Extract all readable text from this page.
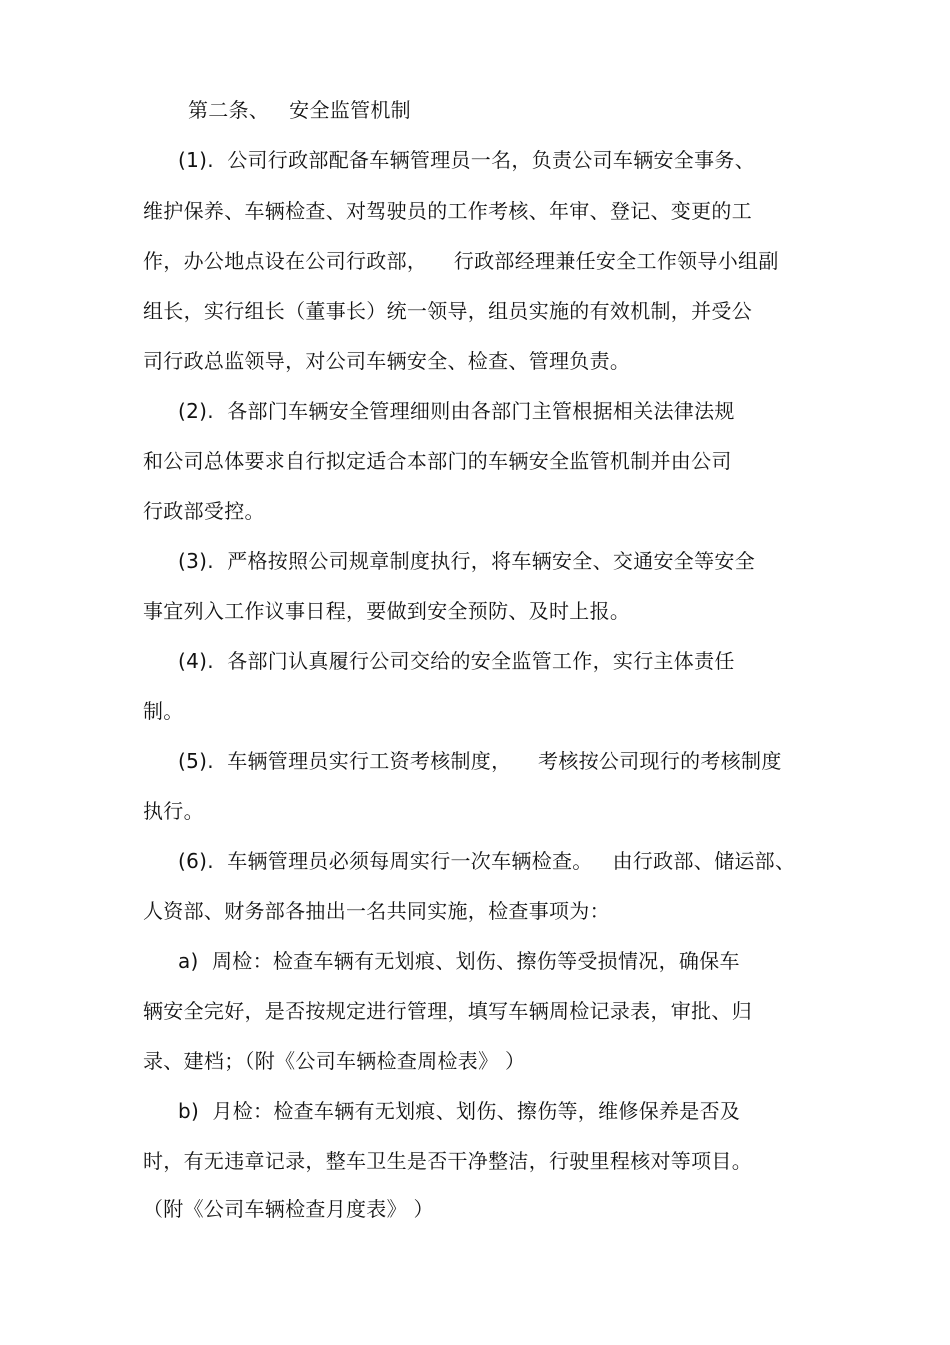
第二条、   安全监管机制
(1).  公司行政部配备车辆管理员一名，负责公司车辆安全事务、
维护保养、车辆检查、对驾驶员的工作考核、年审、登记、变更的工
作，办公地点设在公司行政部，    行政部经理兼任安全工作领导小组副
组长，实行组长（董事长）统一领导，组员实施的有效机制，并受公
司行政总监领导，对公司车辆安全、检查、管理负责。
(2).  各部门车辆安全管理细则由各部门主管根据相关法律法规
和公司总体要求自行拟定适合本部门的车辆安全监管机制并由公司
行政部受控。
(3).  严格按照公司规章制度执行，将车辆安全、交通安全等安全
事宜列入工作议事日程，要做到安全预防、及时上报。
(4).  各部门认真履行公司交给的安全监管工作，实行主体责任
制。
(5).  车辆管理员实行工资考核制度，    考核按公司现行的考核制度
执行。
(6).  车辆管理员必须每周实行一次车辆检查。   由行政部、储运部、
人资部、财务部各抽出一名共同实施，检查事项为：
a)  周检：检查车辆有无划痕、划伤、擦伤等受损情况，确保车
辆安全完好，是否按规定进行管理，填写车辆周检记录表，审批、归
录、建档；（附《公司车辆检查周检表》 ）
b)  月检：检查车辆有无划痕、划伤、擦伤等，维修保养是否及
时，有无违章记录，整车卫生是否干净整洁，行驶里程核对等项目。
（附《公司车辆检查月度表》 ）
